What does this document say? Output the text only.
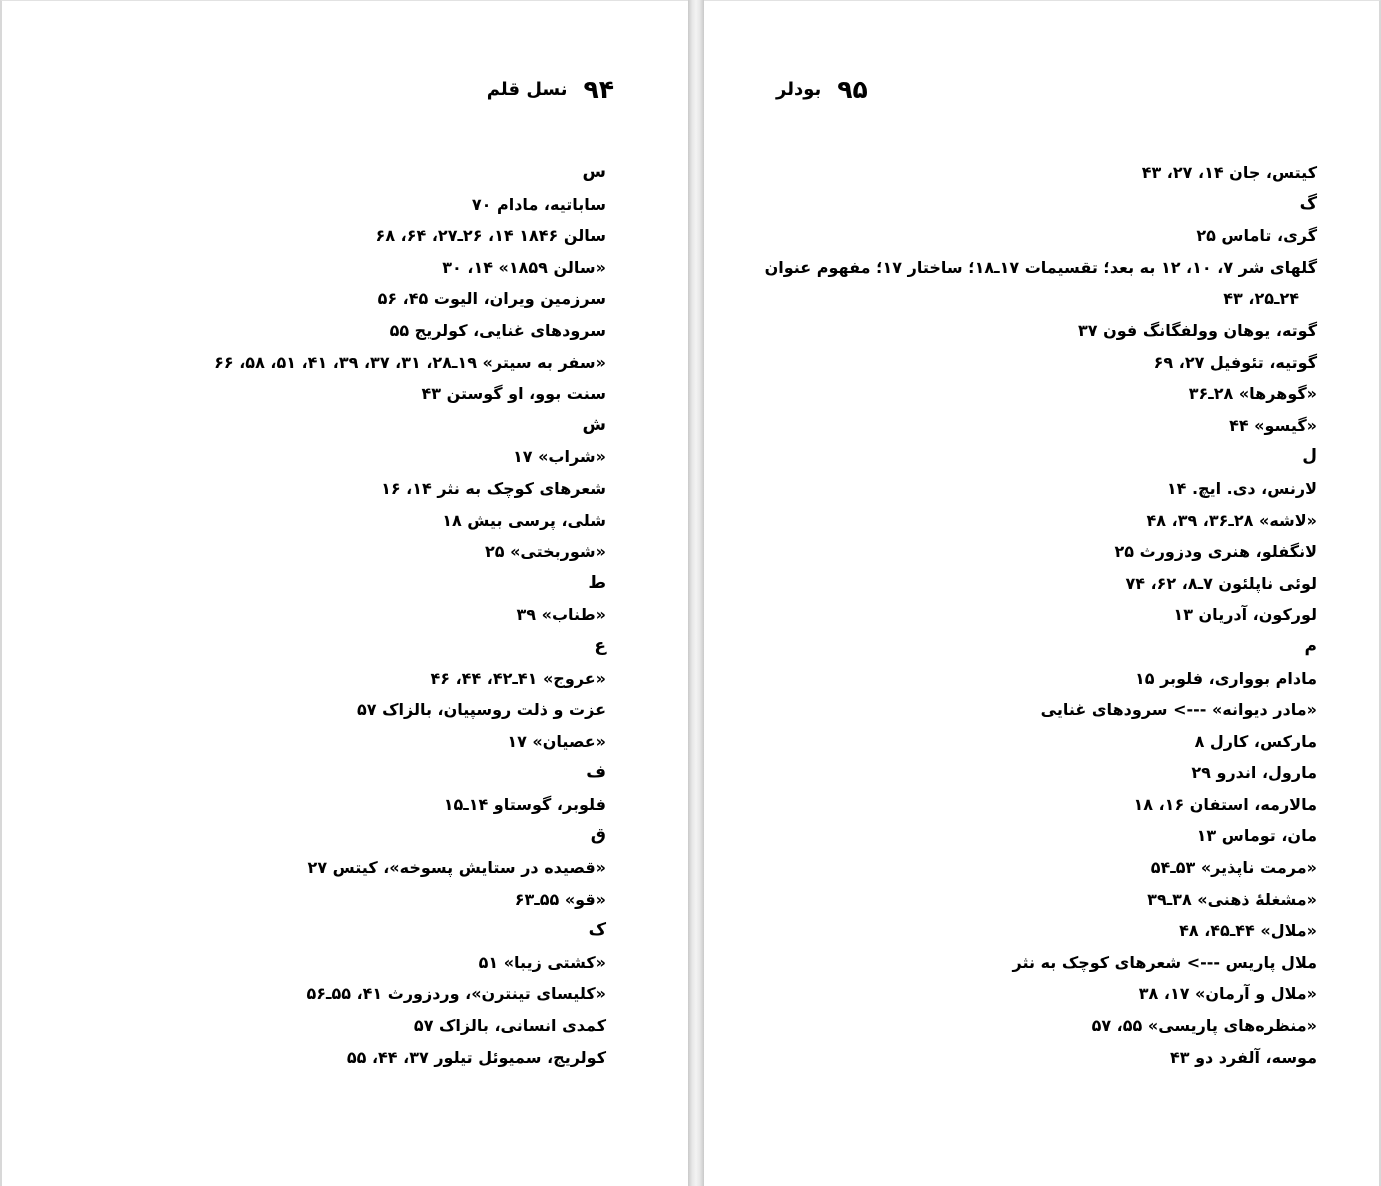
۹۴
نسل قلم
س
ساباتیه، مادام ۷۰
سالن ۱۸۴۶ ۱۴، ۲۶ـ۲۷، ۶۴، ۶۸
«سالن ۱۸۵۹» ۱۴، ۳۰
سرزمین ویران، الیوت ۴۵، ۵۶
سرودهای غنایی، کولریج ۵۵
«سفر به سیتر» ۱۹ـ۲۸، ۳۱، ۳۷، ۳۹، ۴۱، ۵۱، ۵۸، ۶۶
سنت بوو، او گوستن ۴۳
ش
«شراب» ۱۷
شعرهای کوچک به نثر ۱۴، ۱۶
شلی، پرسی بیش ۱۸
«شوربختی» ۲۵
ط
«طناب» ۳۹
ع
«عروج» ۴۱ـ۴۲، ۴۴، ۴۶
عزت و ذلت روسپیان، بالزاک ۵۷
«عصیان» ۱۷
ف
فلوبر، گوستاو ۱۴ـ۱۵
ق
«قصیده در ستایش پسوخه»، کیتس ۲۷
«قو» ۵۵ـ۶۳
ک
«کشتی زیبا» ۵۱
«کلیسای تینترن»، وردزورث ۴۱، ۵۵ـ۵۶
کمدی انسانی، بالزاک ۵۷
کولریج، سمیوئل تیلور ۳۷، ۴۴، ۵۵
۹۵
بودلر
کیتس، جان ۱۴، ۲۷، ۴۳
گ
گری، تاماس ۲۵
گلهای شر ۷، ۱۰، ۱۲ به بعد؛ تقسیمات ۱۷ـ۱۸؛ ساختار ۱۷؛ مفهوم عنوان
۲۴ـ۲۵، ۴۳
گوته، یوهان وولفگانگ فون ۳۷
گوتیه، تئوفیل ۲۷، ۶۹
«گوهرها» ۲۸ـ۳۶
«گیسو» ۴۴
ل
لارنس، دی. ایچ. ۱۴
«لاشه» ۲۸ـ۳۶، ۳۹، ۴۸
لانگفلو، هنری ودزورث ۲۵
لوئی ناپلئون ۷ـ۸، ۶۲، ۷۴
لورکون، آدریان ۱۳
م
مادام بوواری، فلوبر ۱۵
«مادر دیوانه» ---> سرودهای غنایی
مارکس، کارل ۸
مارول، اندرو ۲۹
مالارمه، استفان ۱۶، ۱۸
مان، توماس ۱۳
«مرمت ناپذیر» ۵۳ـ۵۴
«مشغلهٔ ذهنی» ۳۸ـ۳۹
«ملال» ۴۴ـ۴۵، ۴۸
ملال پاریس ---> شعرهای کوچک به نثر
«ملال و آرمان» ۱۷، ۳۸
«منظره‌های پاریسی» ۵۵، ۵۷
موسه، آلفرد دو ۴۳
